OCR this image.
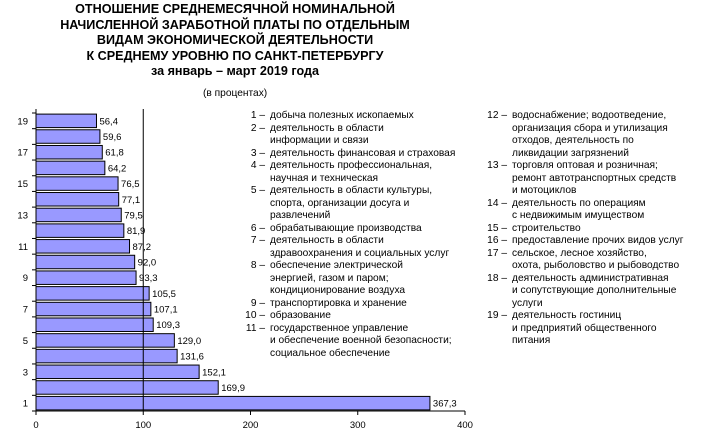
ОТНОШЕНИЕ СРЕДНЕМЕСЯЧНОЙ НОМИНАЛЬНОЙ
НАЧИСЛЕННОЙ ЗАРАБОТНОЙ ПЛАТЫ ПО ОТДЕЛЬНЫМ
ВИДАМ ЭКОНОМИЧЕСКОЙ ДЕЯТЕЛЬНОСТИ
К СРЕДНЕМУ УРОВНЮ ПО САНКТ-ПЕТЕРБУРГУ
за январь – март 2019 года
(в процентах)
367,3
169,9
152,1
131,6
129,0
109,3
107,1
105,5
93,3
92,0
87,2
81,9
79,5
77,1
76,5
64,2
61,8
59,6
56,4
1
3
5
7
9
11
13
15
17
19
0	100	200	300	400
1 – добыча полезных ископаемых
2 – деятельность в области
информации и связи
3 – деятельность финансовая и страховая
4 – деятельность профессиональная,
научная и техническая
5 – деятельность в области культуры,
спорта, организации досуга и
развлечений
6 – обрабатывающие производства
7 – деятельность в области
здравоохранения и социальных услуг
8 – обеспечение электрической
энергией, газом и паром;
кондиционирование воздуха
9 – транспортировка и хранение
10 – образование
11 – государственное управление
и обеспечение военной безопасности;
социальное обеспечение
12 – водоснабжение; водоотведение,
организация сбора и утилизация
отходов, деятельность по
ликвидации загрязнений
13 – торговля оптовая и розничная;
ремонт автотранспортных средств
и мотоциклов
14 – деятельность по операциям
с недвижимым имуществом
15 – строительство
16 – предоставление прочих видов услуг
17 – сельское, лесное хозяйство,
охота, рыболовство и рыбоводство
18 – деятельность административная
и сопутствующие дополнительные
услуги
19 – деятельность гостиниц
и предприятий общественного
питания
